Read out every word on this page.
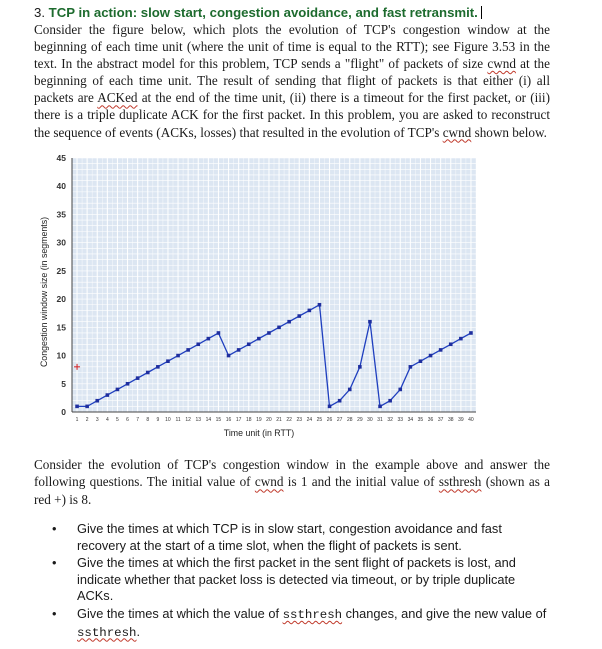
3. TCP in action: slow start, congestion avoidance, and fast retransmit.
Consider the figure below, which plots the evolution of TCP's congestion window at the beginning of each time unit (where the unit of time is equal to the RTT); see Figure 3.53 in the text. In the abstract model for this problem, TCP sends a "flight" of packets of size cwnd at the beginning of each time unit. The result of sending that flight of packets is that either (i) all packets are ACKed at the end of the time unit, (ii) there is a timeout for the first packet, or (iii) there is a triple duplicate ACK for the first packet. In this problem, you are asked to reconstruct the sequence of events (ACKs, losses) that resulted in the evolution of TCP's cwnd shown below.
0
5
10
15
20
25
30
35
40
45
1 2 3 4 5 6 7 8 9 10 11 12 13 14 15 16 17 18 19 20 21 22 23 24 25 26 27 28 29 30 31 32 33 34 35 36 37 38 39 40
Time unit (in RTT)
Congestion window size (in segments)
Consider the evolution of TCP's congestion window in the example above and answer the following questions. The initial value of cwnd is 1 and the initial value of ssthresh (shown as a red +) is 8.
• Give the times at which TCP is in slow start, congestion avoidance and fast recovery at the start of a time slot, when the flight of packets is sent.
• Give the times at which the first packet in the sent flight of packets is lost, and indicate whether that packet loss is detected via timeout, or by triple duplicate ACKs.
• Give the times at which the value of ssthresh changes, and give the new value of ssthresh.
